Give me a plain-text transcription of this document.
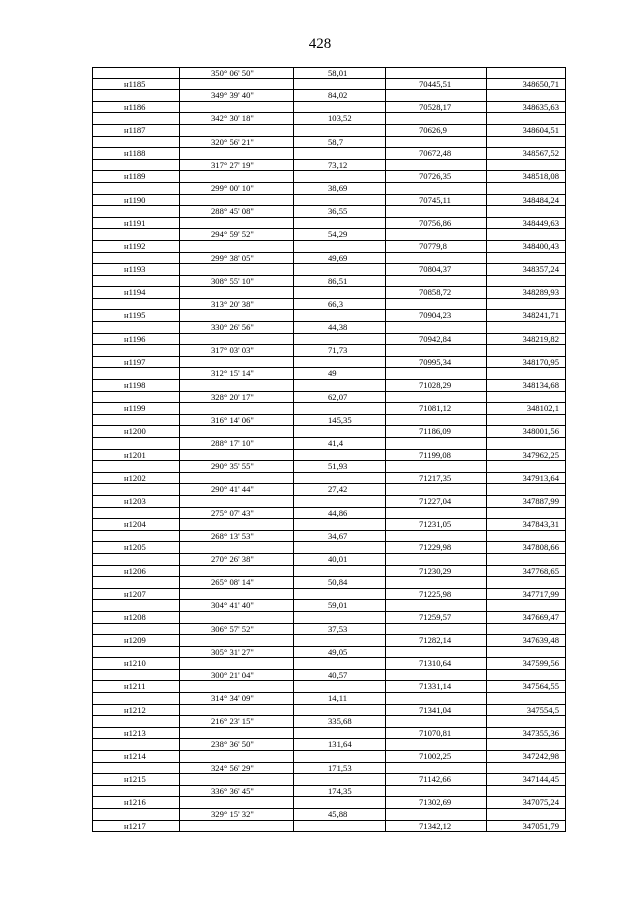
428
350° 06' 50"	58,01
н1185	70445,51	348650,71
349° 39' 40"	84,02
н1186	70528,17	348635,63
342° 30' 18"	103,52
н1187	70626,9	348604,51
320° 56' 21"	58,7
н1188	70672,48	348567,52
317° 27' 19"	73,12
н1189	70726,35	348518,08
299° 00' 10"	38,69
н1190	70745,11	348484,24
288° 45' 08"	36,55
н1191	70756,86	348449,63
294° 59' 52"	54,29
н1192	70779,8	348400,43
299° 38' 05"	49,69
н1193	70804,37	348357,24
308° 55' 10"	86,51
н1194	70858,72	348289,93
313° 20' 38"	66,3
н1195	70904,23	348241,71
330° 26' 56"	44,38
н1196	70942,84	348219,82
317° 03' 03"	71,73
н1197	70995,34	348170,95
312° 15' 14"	49
н1198	71028,29	348134,68
328° 20' 17"	62,07
н1199	71081,12	348102,1
316° 14' 06"	145,35
н1200	71186,09	348001,56
288° 17' 10"	41,4
н1201	71199,08	347962,25
290° 35' 55"	51,93
н1202	71217,35	347913,64
290° 41' 44"	27,42
н1203	71227,04	347887,99
275° 07' 43"	44,86
н1204	71231,05	347843,31
268° 13' 53"	34,67
н1205	71229,98	347808,66
270° 26' 38"	40,01
н1206	71230,29	347768,65
265° 08' 14"	50,84
н1207	71225,98	347717,99
304° 41' 40"	59,01
н1208	71259,57	347669,47
306° 57' 52"	37,53
н1209	71282,14	347639,48
305° 31' 27"	49,05
н1210	71310,64	347599,56
300° 21' 04"	40,57
н1211	71331,14	347564,55
314° 34' 09"	14,11
н1212	71341,04	347554,5
216° 23' 15"	335,68
н1213	71070,81	347355,36
238° 36' 50"	131,64
н1214	71002,25	347242,98
324° 56' 29"	171,53
н1215	71142,66	347144,45
336° 36' 45"	174,35
н1216	71302,69	347075,24
329° 15' 32"	45,88
н1217	71342,12	347051,79
